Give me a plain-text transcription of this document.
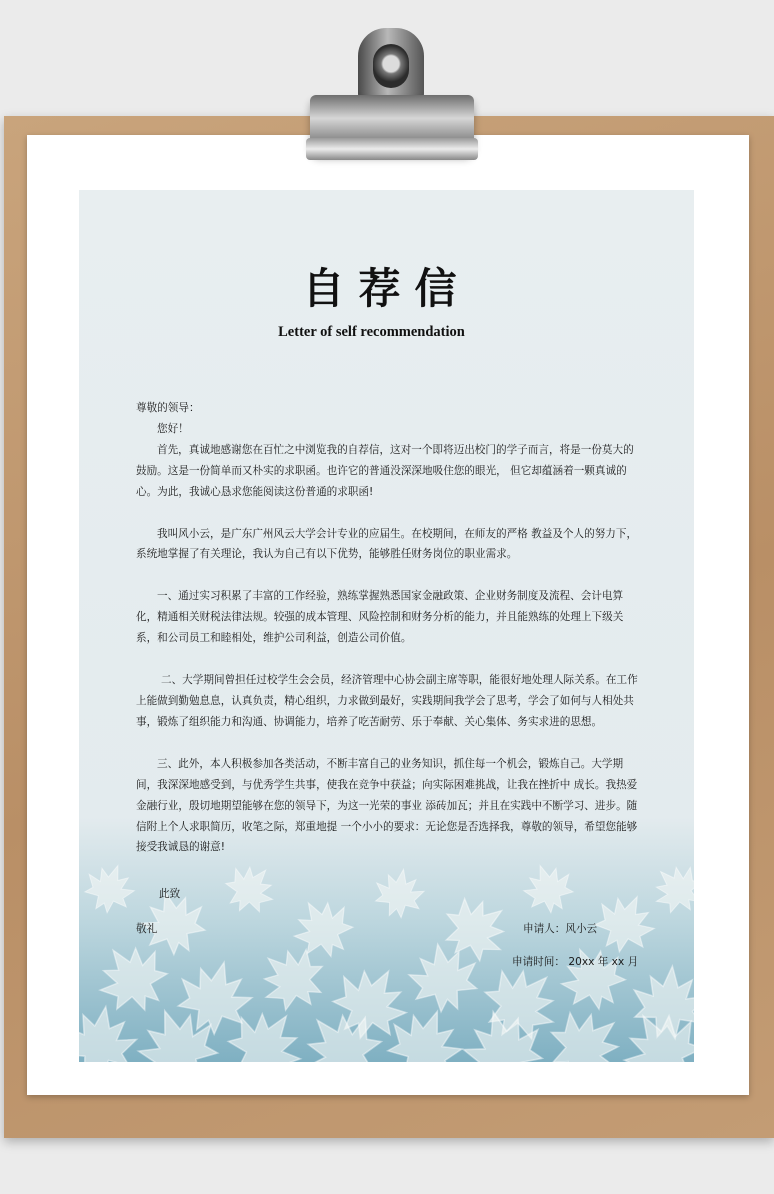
自荐信
Letter of self recommendation

尊敬的领导：

您好！

首先，真诚地感谢您在百忙之中浏览我的自荐信，这对一个即将迈出校门的学子而言，将是一份莫大的鼓励。这是一份简单而又朴实的求职函。也许它的普通没深深地吸住您的眼光， 但它却蕴涵着一颗真诚的心。为此，我诚心恳求您能阅读这份普通的求职函!

我叫风小云，是广东广州风云大学会计专业的应届生。在校期间，在师友的严格 教益及个人的努力下，系统地掌握了有关理论，我认为自己有以下优势，能够胜任财务岗位的职业需求。

一、通过实习积累了丰富的工作经验，熟练掌握熟悉国家金融政策、企业财务制度及流程、会计电算化，精通相关财税法律法规。较强的成本管理、风险控制和财务分析的能力，并且能熟练的处理上下级关系，和公司员工和睦相处，维护公司利益，创造公司价值。

二、大学期间曾担任过校学生会会员，经济管理中心协会副主席等职，能很好地处理人际关系。在工作上能做到勤勉息息，认真负责，精心组织，力求做到最好，实践期间我学会了思考，学会了如何与人相处共事，锻炼了组织能力和沟通、协调能力，培养了吃苦耐劳、乐于奉献、关心集体、务实求进的思想。

三、此外，本人积极参加各类活动，不断丰富自己的业务知识，抓住每一个机会，锻炼自己。大学期间，我深深地感受到，与优秀学生共事，使我在竞争中获益；向实际困难挑战，让我在挫折中 成长。我热爱金融行业，殷切地期望能够在您的领导下，为这一光荣的事业 添砖加瓦；并且在实践中不断学习、进步。随信附上个人求职简历，收笔之际，郑重地提 一个小小的要求：无论您是否选择我，尊敬的领导，希望您能够接受我诚恳的谢意!

此致
敬礼	申请人：风小云
申请时间： 20xx 年 xx 月
